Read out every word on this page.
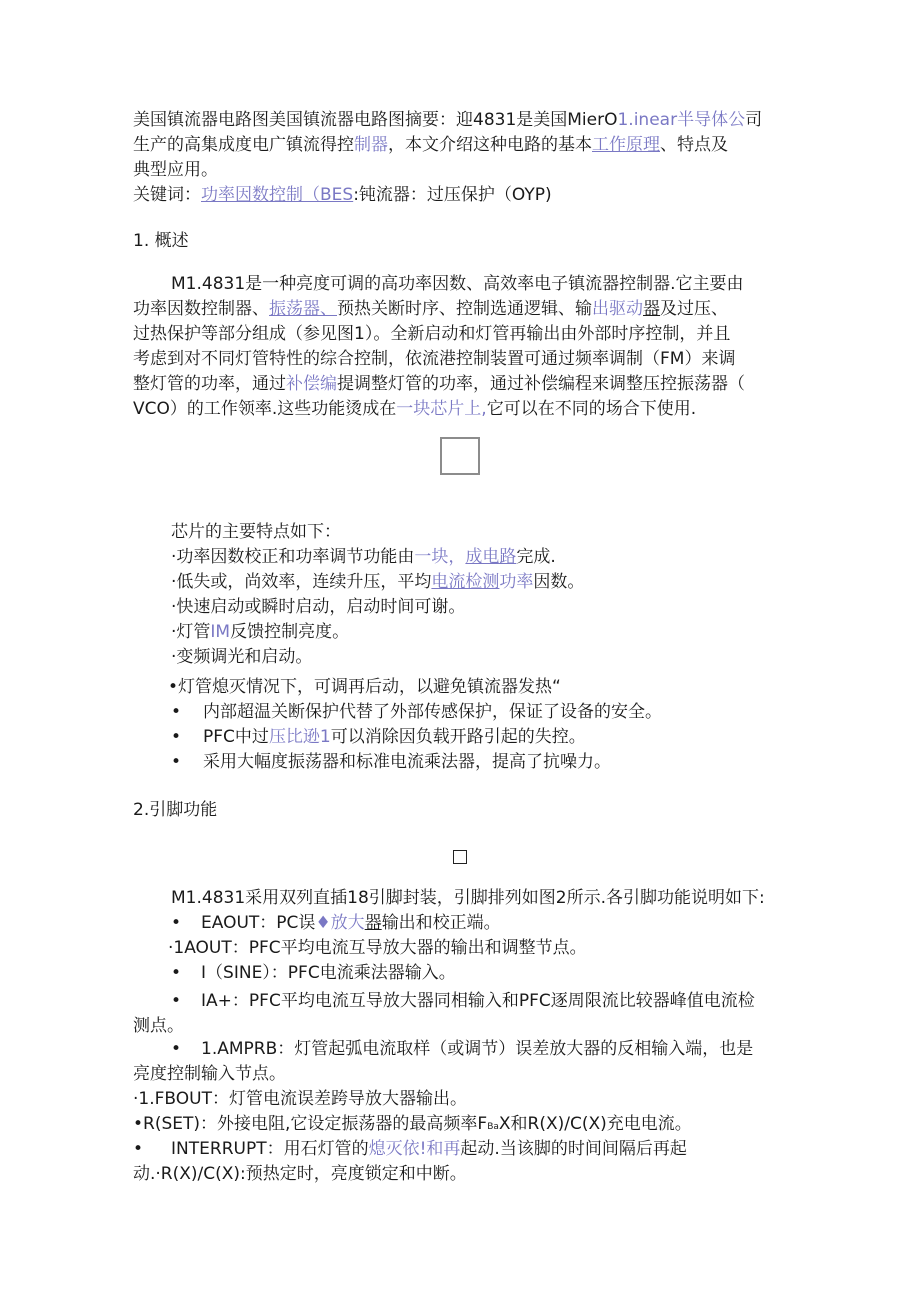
美国镇流器电路图美国镇流器电路图摘要：迎4831是美国MierO1.inear半导体公司
生产的高集成度电广镇流得控制器，本文介绍这种电路的基本工作原理、特点及
典型应用。
关键词：功率因数控制（BES:钝流器：过压保护（OYP)
1. 概述
M1.4831是一种亮度可调的高功率因数、高效率电子镇流器控制器.它主要由
功率因数控制器、振荡器、预热关断时序、控制选通逻辑、输出驱动器及过压、
过热保护等部分组成（参见图1）。全新启动和灯管再输出由外部时序控制，并且
考虑到对不同灯管特性的综合控制，依流港控制装置可通过频率调制（FM）来调
整灯管的功率，通过补偿编提调整灯管的功率，通过补偿编程来调整压控振荡器（
VCO）的工作领率.这些功能烫成在一块芯片上,它可以在不同的场合下使用.
芯片的主要特点如下：
·功率因数校正和功率调节功能由一块，成电路完成.
·低失或，尚效率，连续升压，平均电流检测功率因数。
·快速启动或瞬时启动，启动时间可谢。
·灯管IM反馈控制亮度。
·变频调光和启动。
•灯管熄灭情况下，可调再后动，以避免镇流器发热“
• 内部超温关断保护代替了外部传感保护，保证了设备的安全。
• PFC中过压比逊1可以消除因负载开路引起的失控。
• 采用大幅度振荡器和标准电流乘法器，提高了抗噪力。
2.引脚功能
M1.4831采用双列直插18引脚封装，引脚排列如图2所示.各引脚功能说明如下:
• EAOUT：PC误♦放大器输出和校正端。
·1AOUT：PFC平均电流互导放大器的输出和调整节点。
• I（SINE）：PFC电流乘法器输入。
• IA+：PFC平均电流互导放大器同相输入和PFC逐周限流比较器峰值电流检
测点。
• 1.AMPRB：灯管起弧电流取样（或调节）误差放大器的反相输入端，也是
亮度控制输入节点。
·1.FBOUT：灯管电流误差跨导放大器输出。
•R(SET)：外接电阻,它设定振荡器的最高频率FBaX和R(X)/C(X)充电电流。
• INTERRUPT：用石灯管的熄灭依!和再起动.当该脚的时间间隔后再起
动.·R(X)∕C(X):预热定时，亮度锁定和中断。
